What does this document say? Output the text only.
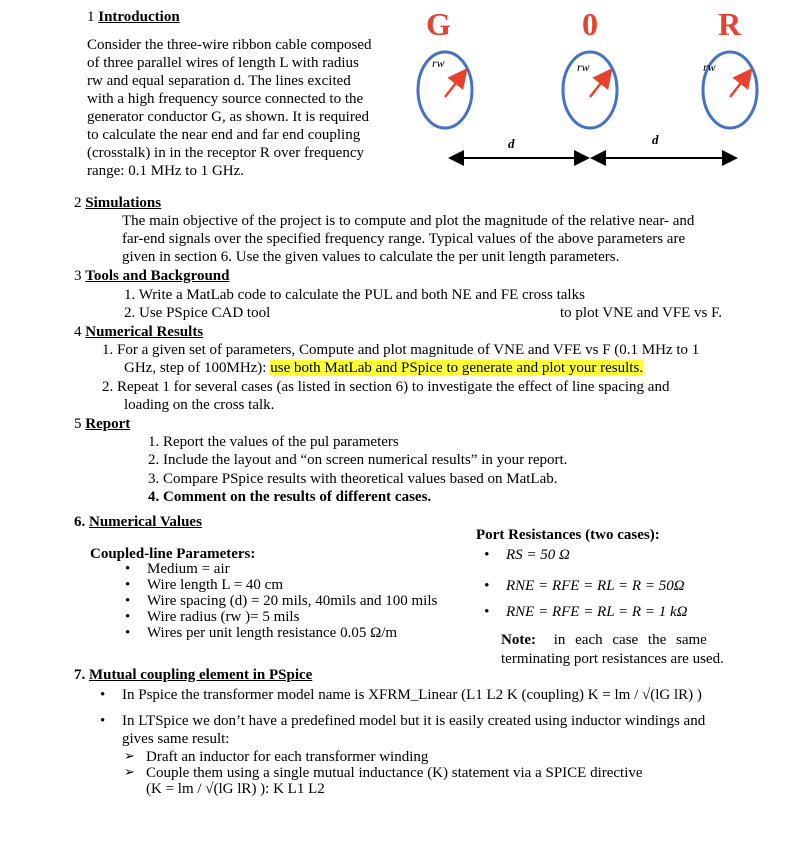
1 Introduction
Consider the three-wire ribbon cable composed
of three parallel wires of length L with radius
rw and equal separation d. The lines excited
with a high frequency source connected to the
generator conductor G, as shown. It is required
to calculate the near end and far end coupling
(crosstalk) in in the receptor R over frequency
range: 0.1 MHz to 1 GHz.
G	0	R
rw	rw	rw
d	d
2 Simulations
The main objective of the project is to compute and plot the magnitude of the relative near- and
far-end signals over the specified frequency range. Typical values of the above parameters are
given in section 6. Use the given values to calculate the per unit length parameters.
3 Tools and Background
1. Write a MatLab code to calculate the PUL and both NE and FE cross talks
2. Use PSpice CAD tool	to plot VNE and VFE vs F.
4 Numerical Results
1. For a given set of parameters, Compute and plot magnitude of VNE and VFE vs F (0.1 MHz to 1
GHz, step of 100MHz): use both MatLab and PSpice to generate and plot your results.
2. Repeat 1 for several cases (as listed in section 6) to investigate the effect of line spacing and
loading on the cross talk.
5 Report
1. Report the values of the pul parameters
2. Include the layout and “on screen numerical results” in your report.
3. Compare PSpice results with theoretical values based on MatLab.
4. Comment on the results of different cases.
6. Numerical Values
Coupled-line Parameters:
• Medium = air
• Wire length L = 40 cm
• Wire spacing (d) = 20 mils, 40mils and 100 mils
• Wire radius (rw )= 5 mils
• Wires per unit length resistance 0.05 Ω/m
Port Resistances (two cases):
• RS = 50 Ω
• RNE = RFE = RL = R = 50Ω
• RNE = RFE = RL = R = 1 kΩ
Note: in each case the same
terminating port resistances are used.
7. Mutual coupling element in PSpice
• In Pspice the transformer model name is XFRM_Linear (L1 L2 K (coupling) K = lm / √(lG lR) )
• In LTSpice we don’t have a predefined model but it is easily created using inductor windings and
gives same result:
➢ Draft an inductor for each transformer winding
➢ Couple them using a single mutual inductance (K) statement via a SPICE directive
(K = lm / √(lG lR) ): K L1 L2
